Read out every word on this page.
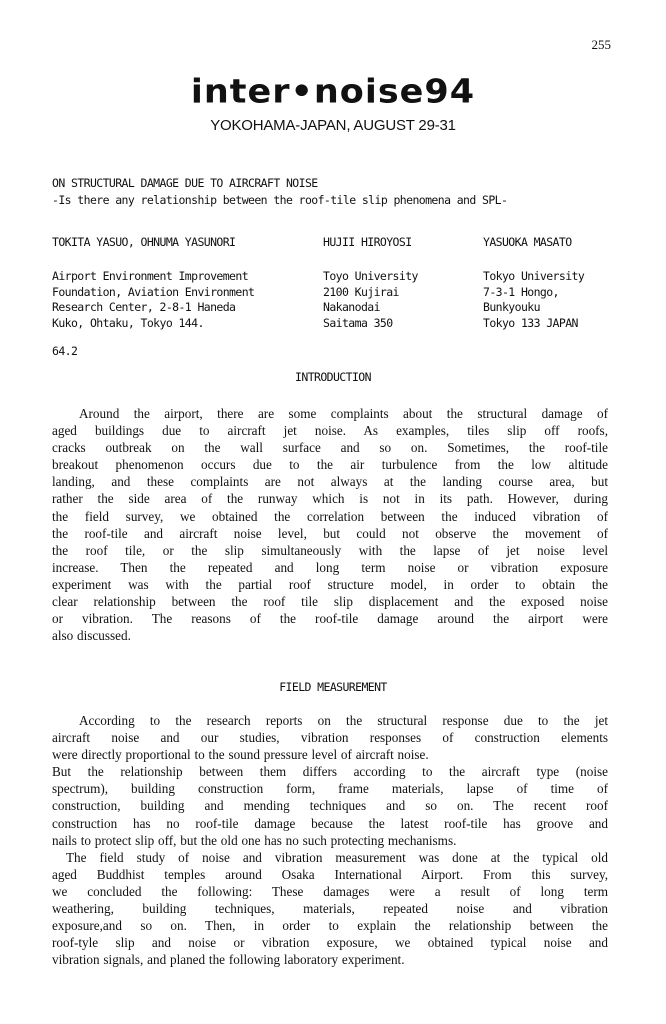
255
inter•noise94
YOKOHAMA-JAPAN, AUGUST 29-31
ON STRUCTURAL DAMAGE DUE TO AIRCRAFT NOISE
-Is there any relationship between the roof-tile slip phenomena and SPL-
TOKITA YASUO, OHNUMA YASUNORI	HUJII HIROYOSI	YASUOKA MASATO
Airport Environment Improvement
Foundation, Aviation Environment
Research Center, 2-8-1 Haneda
Kuko, Ohtaku, Tokyo 144.
Toyo University
2100 Kujirai
Nakanodai
Saitama 350
Tokyo University
7-3-1 Hongo,
Bunkyouku
Tokyo 133 JAPAN
64.2
INTRODUCTION
Around the airport, there are some complaints about the structural damage of
aged buildings due to aircraft jet noise. As examples, tiles slip off roofs,
cracks outbreak on the wall surface and so on. Sometimes, the roof-tile
breakout phenomenon occurs due to the air turbulence from the low altitude
landing, and these complaints are not always at the landing course area, but
rather the side area of the runway which is not in its path. However, during
the field survey, we obtained the correlation between the induced vibration of
the roof-tile and aircraft noise level, but could not observe the movement of
the roof tile, or the slip simultaneously with the lapse of jet noise level
increase. Then the repeated and long term noise or vibration exposure
experiment was with the partial roof structure model, in order to obtain the
clear relationship between the roof tile slip displacement and the exposed noise
or vibration. The reasons of the roof-tile damage around the airport were
also discussed.
FIELD MEASUREMENT
According to the research reports on the structural response due to the jet
aircraft noise and our studies, vibration responses of construction elements
were directly proportional to the sound pressure level of aircraft noise.
But the relationship between them differs according to the aircraft type (noise
spectrum), building construction form, frame materials, lapse of time of
construction, building and mending techniques and so on. The recent roof
construction has no roof-tile damage because the latest roof-tile has groove and
nails to protect slip off, but the old one has no such protecting mechanisms.
The field study of noise and vibration measurement was done at the typical old
aged Buddhist temples around Osaka International Airport. From this survey,
we concluded the following: These damages were a result of long term
weathering, building techniques, materials, repeated noise and vibration
exposure,and so on. Then, in order to explain the relationship between the
roof-tyle slip and noise or vibration exposure, we obtained typical noise and
vibration signals, and planed the following laboratory experiment.
